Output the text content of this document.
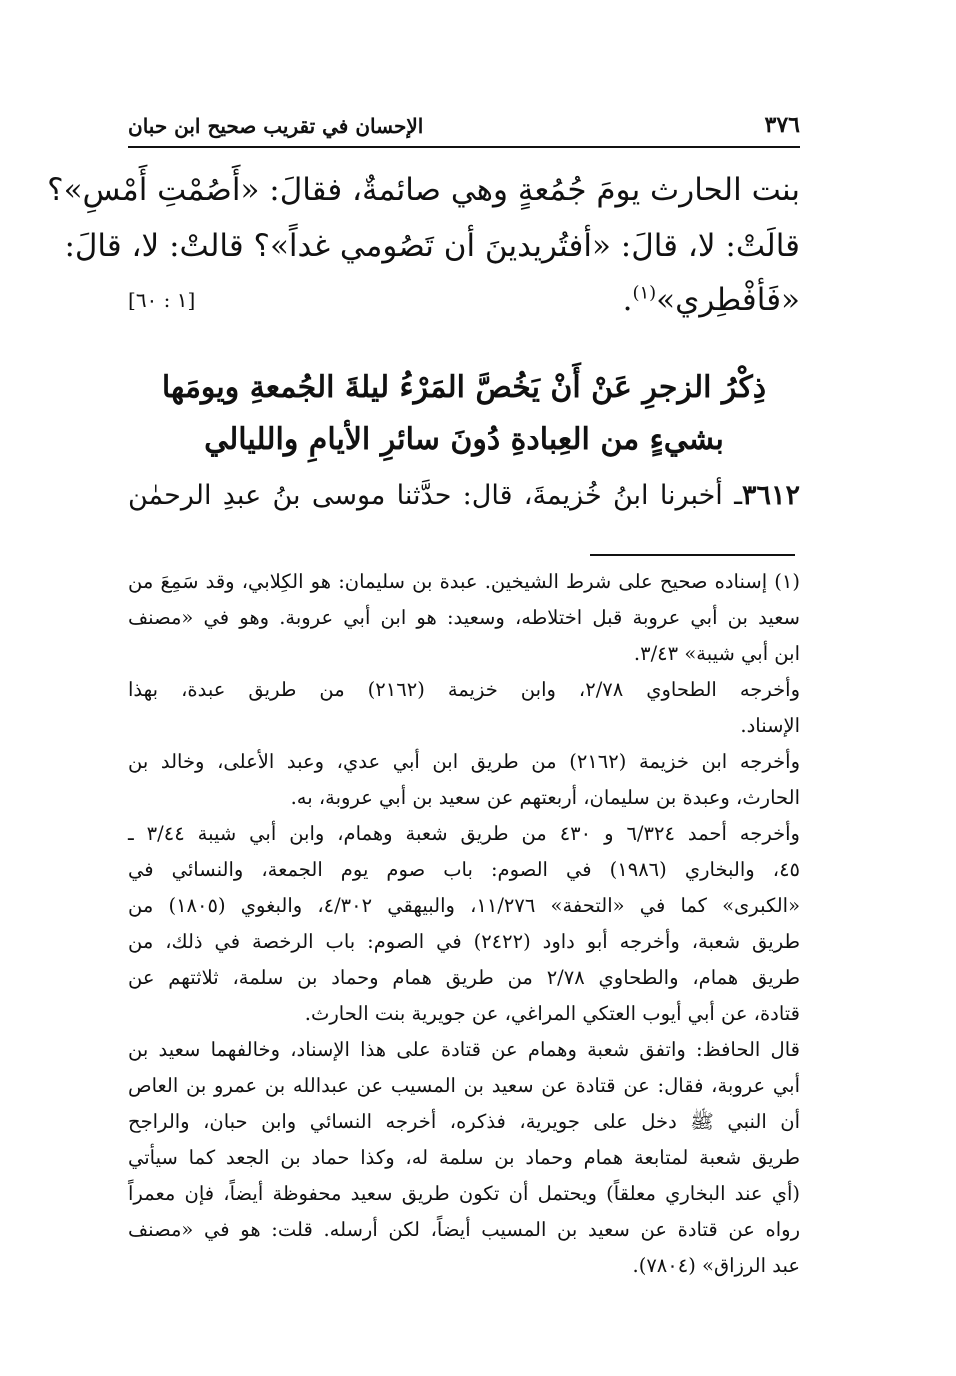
٣٧٦
الإحسان في تقريب صحيح ابن حبان
بنت الحارث يومَ جُمُعةٍ وهي صائمةٌ، فقالَ: «أَصُمْتِ أَمْسِ»؟
قالَتْ: لا، قالَ: «أفتُريدينَ أن تَصُومي غداً»؟ قالتْ: لا، قالَ:
«فَأفْطِري»$^{(١)}$.
[١ : ٦٠]
ذِكْرُ الزجرِ عَنْ أَنْ يَخُصَّ المَرْءُ ليلةَ الجُمعةِ ويومَها
بشيءٍ من العِبادةِ دُونَ سائرِ الأيامِ والليالي
٣٦١٢ـ أخبرنا ابنُ خُزيمةَ، قال: حدَّثنا موسى بنُ عبدِ الرحمٰن
(١) إسناده صحيح على شرط الشيخين. عبدة بن سليمان: هو الكِلابي، وقد سَمِعَ من
سعيد بن أبي عروبة قبل اختلاطه، وسعيد: هو ابن أبي عروبة. وهو في «مصنف
ابن أبي شيبة» ٣/٤٣.
وأخرجه الطحاوي ٢/٧٨، وابن خزيمة (٢١٦٢) من طريق عبدة، بهذا
الإسناد.
وأخرجه ابن خزيمة (٢١٦٢) من طريق ابن أبي عدي، وعبد الأعلى، وخالد بن
الحارث، وعبدة بن سليمان، أربعتهم عن سعيد بن أبي عروبة، به.
وأخرجه أحمد ٦/٣٢٤ و ٤٣٠ من طريق شعبة وهمام، وابن أبي شيبة ٣/٤٤ ـ
٤٥، والبخاري (١٩٨٦) في الصوم: باب صوم يوم الجمعة، والنسائي في
«الكبرى» كما في «التحفة» ١١/٢٧٦، والبيهقي ٤/٣٠٢، والبغوي (١٨٠٥) من
طريق شعبة، وأخرجه أبو داود (٢٤٢٢) في الصوم: باب الرخصة في ذلك، من
طريق همام، والطحاوي ٢/٧٨ من طريق همام وحماد بن سلمة، ثلاثتهم عن
قتادة، عن أبي أيوب العتكي المراغي، عن جويرية بنت الحارث.
قال الحافظ: واتفق شعبة وهمام عن قتادة على هذا الإسناد، وخالفهما سعيد بن
أبي عروبة، فقال: عن قتادة عن سعيد بن المسيب عن عبدالله بن عمرو بن العاص
أن النبي ﷺ دخل على جويرية، فذكره، أخرجه النسائي وابن حبان، والراجح
طريق شعبة لمتابعة همام وحماد بن سلمة له، وكذا حماد بن الجعد كما سيأتي
(أي عند البخاري معلقاً) ويحتمل أن تكون طريق سعيد محفوظة أيضاً، فإن معمراً
رواه عن قتادة عن سعيد بن المسيب أيضاً، لكن أرسله. قلت: هو في «مصنف
عبد الرزاق» (٧٨٠٤).
